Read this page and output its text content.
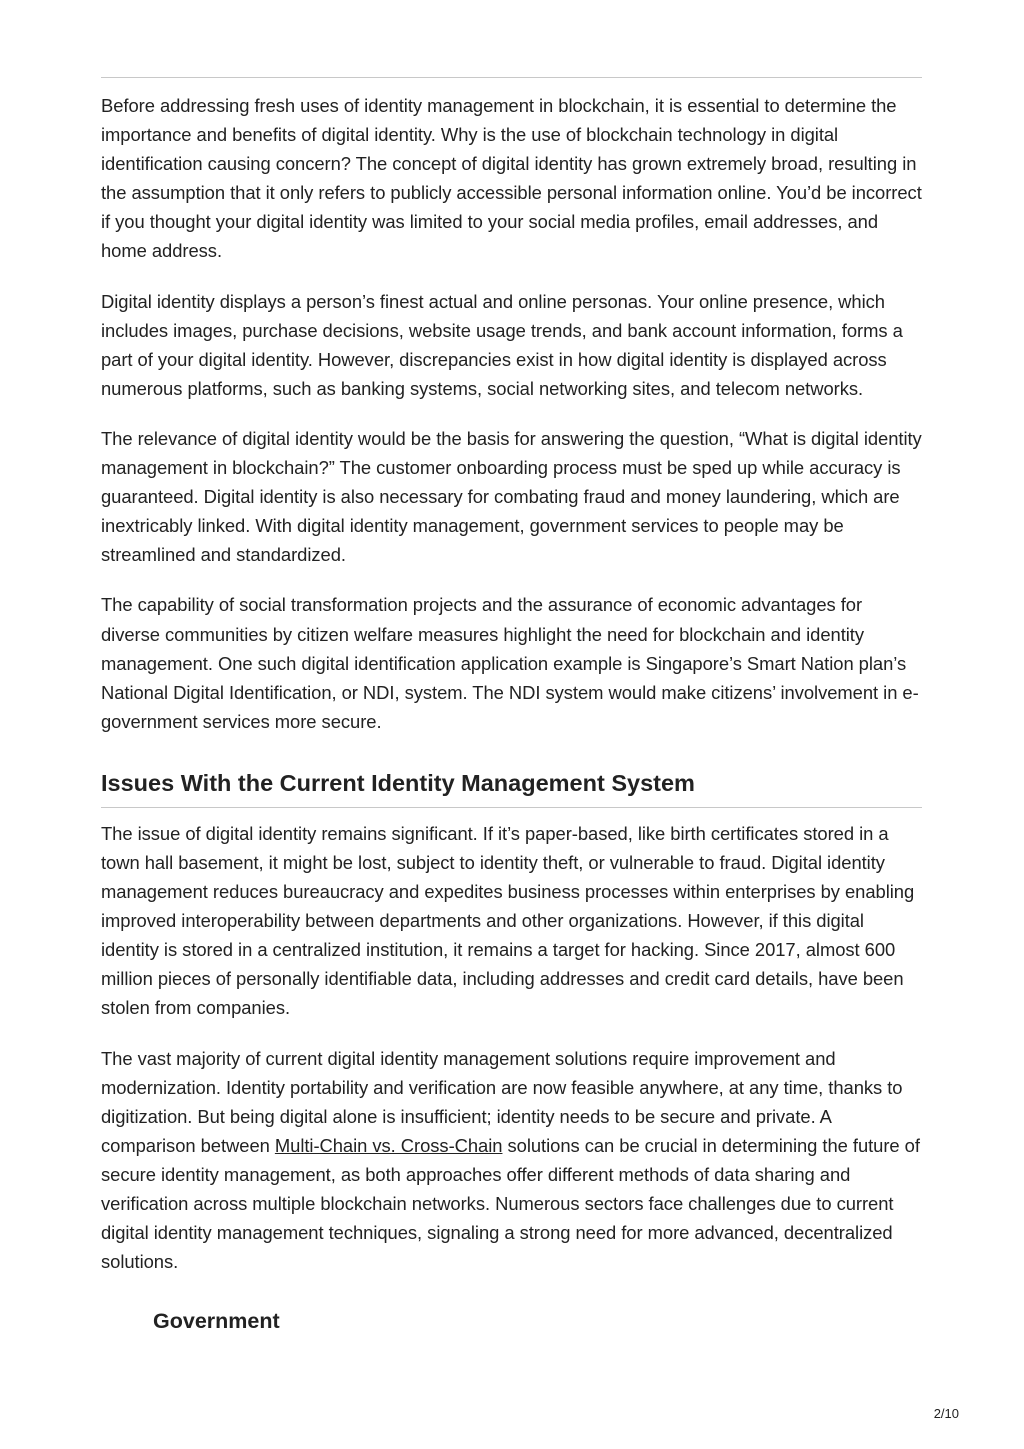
Before addressing fresh uses of identity management in blockchain, it is essential to determine the importance and benefits of digital identity. Why is the use of blockchain technology in digital identification causing concern? The concept of digital identity has grown extremely broad, resulting in the assumption that it only refers to publicly accessible personal information online. You’d be incorrect if you thought your digital identity was limited to your social media profiles, email addresses, and home address.

Digital identity displays a person’s finest actual and online personas. Your online presence, which includes images, purchase decisions, website usage trends, and bank account information, forms a part of your digital identity. However, discrepancies exist in how digital identity is displayed across numerous platforms, such as banking systems, social networking sites, and telecom networks.

The relevance of digital identity would be the basis for answering the question, “What is digital identity management in blockchain?” The customer onboarding process must be sped up while accuracy is guaranteed. Digital identity is also necessary for combating fraud and money laundering, which are inextricably linked. With digital identity management, government services to people may be streamlined and standardized.

The capability of social transformation projects and the assurance of economic advantages for diverse communities by citizen welfare measures highlight the need for blockchain and identity management. One such digital identification application example is Singapore’s Smart Nation plan’s National Digital Identification, or NDI, system. The NDI system would make citizens’ involvement in e-government services more secure.

Issues With the Current Identity Management System

The issue of digital identity remains significant. If it’s paper-based, like birth certificates stored in a town hall basement, it might be lost, subject to identity theft, or vulnerable to fraud. Digital identity management reduces bureaucracy and expedites business processes within enterprises by enabling improved interoperability between departments and other organizations. However, if this digital identity is stored in a centralized institution, it remains a target for hacking. Since 2017, almost 600 million pieces of personally identifiable data, including addresses and credit card details, have been stolen from companies.

The vast majority of current digital identity management solutions require improvement and modernization. Identity portability and verification are now feasible anywhere, at any time, thanks to digitization. But being digital alone is insufficient; identity needs to be secure and private. A comparison between Multi-Chain vs. Cross-Chain solutions can be crucial in determining the future of secure identity management, as both approaches offer different methods of data sharing and verification across multiple blockchain networks. Numerous sectors face challenges due to current digital identity management techniques, signaling a strong need for more advanced, decentralized solutions.

Government
2/10
